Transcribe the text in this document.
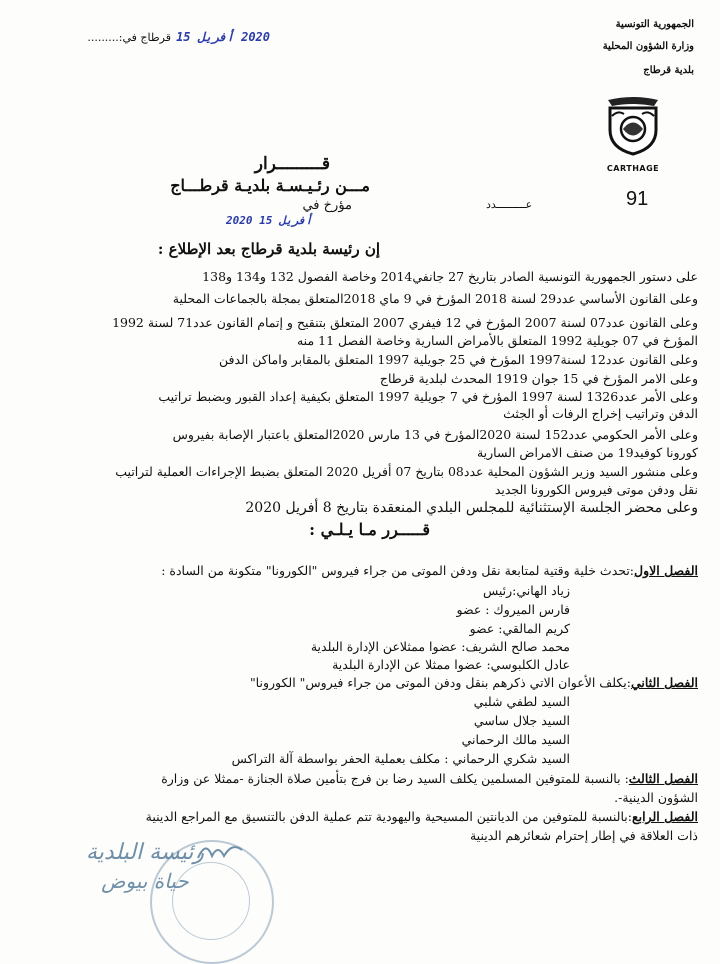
2020 أفريل 15 قرطاج في:.........
الجمهورية التونسية
وزارة الشؤون المحلية
بلدية قرطاج
CARTHAGE
عـــــــــدد	91
قـــــــــرار
مـــن رئـيـسـة بلديـة قرطـــاج
مؤرخ في
2020 أفريل 15
إن رئيسة بلدية قرطاج بعد الإطلاع :
على دستور الجمهورية التونسية الصادر بتاريخ 27 جانفي2014 وخاصة الفصول 132 و134 و138
وعلى القانون الأساسي عدد29 لسنة 2018 المؤرخ في 9 ماي 2018المتعلق بمجلة بالجماعات المحلية
وعلى القانون عدد07 لسنة 2007 المؤرخ في 12 فيفري 2007 المتعلق بتنقيح و إتمام القانون عدد71 لسنة 1992
المؤرخ في 07 جويلية 1992 المتعلق بالأمراض السارية وخاصة الفصل 11 منه
وعلى القانون عدد12 لسنة1997 المؤرخ في 25 جويلية 1997 المتعلق بالمقابر واماكن الدفن
وعلى الامر المؤرخ في 15 جوان 1919 المحدث لبلدية قرطاج
وعلى الأمر عدد1326 لسنة 1997 المؤرخ في 7 جويلية 1997 المتعلق بكيفية إعداد القبور وبضبط تراتيب
الدفن وتراتيب إخراج الرفات أو الجثث
وعلى الأمر الحكومي عدد152 لسنة 2020المؤرخ في 13 مارس 2020المتعلق باعتبار الإصابة بفيروس
كورونا كوفيد19 من صنف الامراض السارية
وعلى منشور السيد وزير الشؤون المحلية عدد08 بتاريخ 07 أفريل 2020 المتعلق بضبط الإجراءات العملية لتراتيب
نقل ودفن موتى فيروس الكورونا الجديد
وعلى محضر الجلسة الإستثنائية للمجلس البلدي المنعقدة بتاريخ 8 أفريل 2020
قـــــرر مـا يـلـي :
الفصل الاول:تحدث خلية وقتية لمتابعة نقل ودفن الموتى من جراء فيروس "الكورونا" متكونة من السادة :
زياد الهاني:رئيس
فارس الميروك : عضو
كريم المالقي: عضو
محمد صالح الشريف: عضوا ممثلاعن الإدارة البلدية
عادل الكلبوسي: عضوا ممثلا عن الإدارة البلدية
الفصل الثاني:يكلف الأعوان الاتي ذكرهم بنقل ودفن الموتى من جراء فيروس" الكورونا"
السيد لطفي شلبي
السيد جلال ساسي
السيد مالك الرحماني
السيد شكري الرحماني : مكلف بعملية الحفر بواسطة آلة التراكس
الفصل الثالث: بالنسبة للمتوفين المسلمين يكلف السيد رضا بن فرج بتأمين صلاة الجنازة -ممثلا عن وزارة
الشؤون الدينية-.
الفصل الرابع:بالنسبة للمتوفين من الديانتين المسيحية واليهودية تتم عملية الدفن بالتنسيق مع المراجع الدينية
ذات العلاقة في إطار إحترام شعائرهم الدينية
رئيسة البلدية
حياة بيوض
